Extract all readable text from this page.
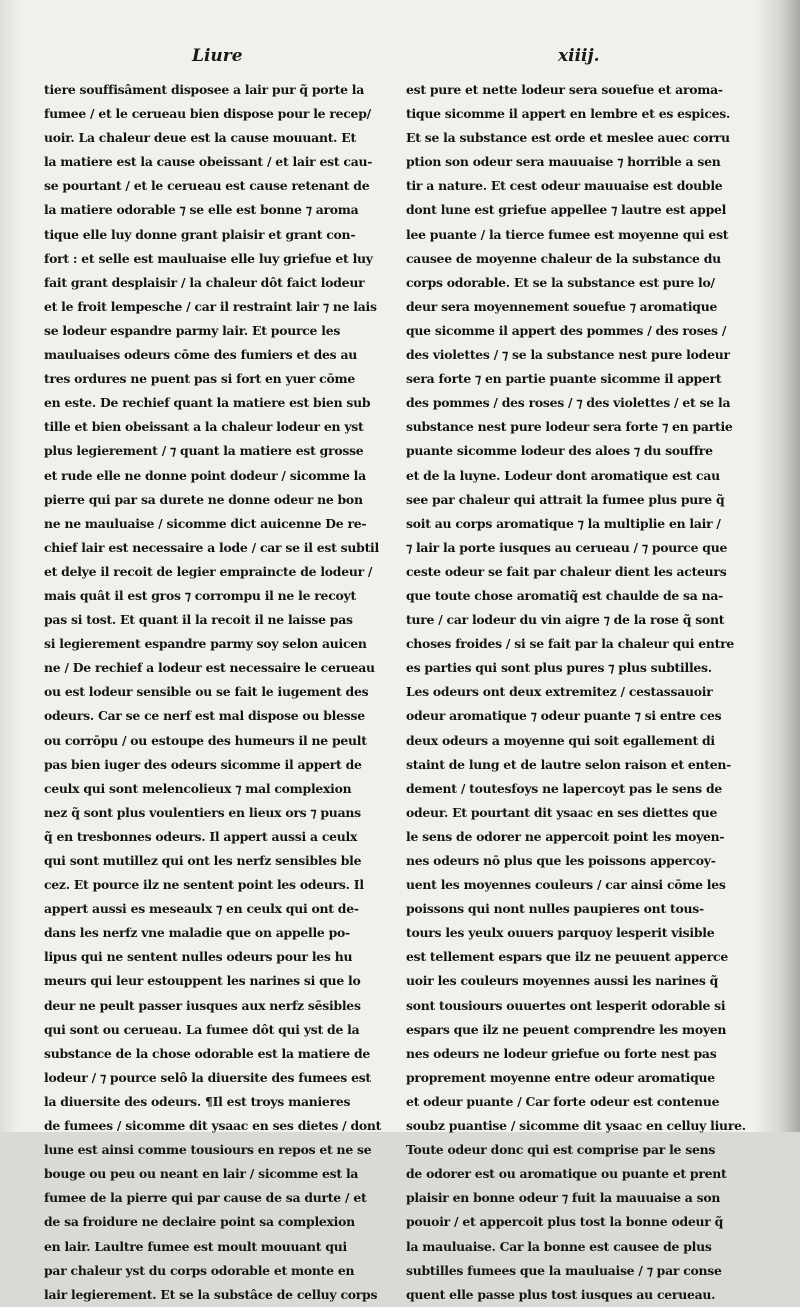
Liure	xiiij.
tiere souffisâment disposee a lair pur q̃ porte la
fumee / et le cerueau bien dispose pour le recep/
uoir. La chaleur deue est la cause mouuant. Et
la matiere est la cause obeissant / et lair est cau-
se pourtant / et le cerueau est cause retenant de
la matiere odorable ⁊ se elle est bonne ⁊ aroma
tique elle luy donne grant plaisir et grant con-
fort : et selle est mauluaise elle luy griefue et luy
fait grant desplaisir / la chaleur dôt faict lodeur
et le froit lempesche / car il restraint lair ⁊ ne lais
se lodeur espandre parmy lair. Et pource les
mauluaises odeurs cōme des fumiers et des au
tres ordures ne puent pas si fort en yuer cōme
en este. De rechief quant la matiere est bien sub
tille et bien obeissant a la chaleur lodeur en yst
plus legierement / ⁊ quant la matiere est grosse
et rude elle ne donne point dodeur / sicomme la
pierre qui par sa durete ne donne odeur ne bon
ne ne mauluaise / sicomme dict auicenne De re-
chief lair est necessaire a lode / car se il est subtil
et delye il recoit de legier empraincte de lodeur /
mais quât il est gros ⁊ corrompu il ne le recoyt
pas si tost. Et quant il la recoit il ne laisse pas
si legierement espandre parmy soy selon auicen
ne / De rechief a lodeur est necessaire le cerueau
ou est lodeur sensible ou se fait le iugement des
odeurs. Car se ce nerf est mal dispose ou blesse
ou corrōpu / ou estoupe des humeurs il ne peult
pas bien iuger des odeurs sicomme il appert de
ceulx qui sont melencolieux ⁊ mal complexion
nez q̃ sont plus voulentiers en lieux ors ⁊ puans
q̃ en tresbonnes odeurs. Il appert aussi a ceulx
qui sont mutillez qui ont les nerfz sensibles ble
cez. Et pource ilz ne sentent point les odeurs. Il
appert aussi es meseaulx ⁊ en ceulx qui ont de-
dans les nerfz vne maladie que on appelle po-
lipus qui ne sentent nulles odeurs pour les hu
meurs qui leur estouppent les narines si que lo
deur ne peult passer iusques aux nerfz sēsibles
qui sont ou cerueau. La fumee dôt qui yst de la
substance de la chose odorable est la matiere de
lodeur / ⁊ pource selô la diuersite des fumees est
la diuersite des odeurs. ¶Il est troys manieres
de fumees / sicomme dit ysaac en ses dietes / dont
lune est ainsi comme tousiours en repos et ne se
bouge ou peu ou neant en lair / sicomme est la
fumee de la pierre qui par cause de sa durte / et
de sa froidure ne declaire point sa complexion
en lair. Laultre fumee est moult mouuant qui
par chaleur yst du corps odorable et monte en
lair legierement. Et se la substâce de celluy corps
est pure et nette lodeur sera souefue et aroma-
tique sicomme il appert en lembre et es espices.
Et se la substance est orde et meslee auec corru
ption son odeur sera mauuaise ⁊ horrible a sen
tir a nature. Et cest odeur mauuaise est double
dont lune est griefue appellee ⁊ lautre est appel
lee puante / la tierce fumee est moyenne qui est
causee de moyenne chaleur de la substance du
corps odorable. Et se la substance est pure lo/
deur sera moyennement souefue ⁊ aromatique
que sicomme il appert des pommes / des roses /
des violettes / ⁊ se la substance nest pure lodeur
sera forte ⁊ en partie puante sicomme il appert
des pommes / des roses / ⁊ des violettes / et se la
substance nest pure lodeur sera forte ⁊ en partie
puante sicomme lodeur des aloes ⁊ du souffre
et de la luyne. Lodeur dont aromatique est cau
see par chaleur qui attrait la fumee plus pure q̃
soit au corps aromatique ⁊ la multiplie en lair /
⁊ lair la porte iusques au cerueau / ⁊ pource que
ceste odeur se fait par chaleur dient les acteurs
que toute chose aromatiq̃ est chaulde de sa na-
ture / car lodeur du vin aigre ⁊ de la rose q̃ sont
choses froides / si se fait par la chaleur qui entre
es parties qui sont plus pures ⁊ plus subtilles.
Les odeurs ont deux extremitez / cestassauoir
odeur aromatique ⁊ odeur puante ⁊ si entre ces
deux odeurs a moyenne qui soit egallement di
staint de lung et de lautre selon raison et enten-
dement / toutesfoys ne lapercoyt pas le sens de
odeur. Et pourtant dit ysaac en ses diettes que
le sens de odorer ne appercoit point les moyen-
nes odeurs nō plus que les poissons appercoy-
uent les moyennes couleurs / car ainsi cōme les
poissons qui nont nulles paupieres ont tous-
tours les yeulx ouuers parquoy lesperit visible
est tellement espars que ilz ne peuuent apperce
uoir les couleurs moyennes aussi les narines q̃
sont tousiours ouuertes ont lesperit odorable si
espars que ilz ne peuent comprendre les moyen
nes odeurs ne lodeur griefue ou forte nest pas
proprement moyenne entre odeur aromatique
et odeur puante / Car forte odeur est contenue
soubz puantise / sicomme dit ysaac en celluy liure.
Toute odeur donc qui est comprise par le sens
de odorer est ou aromatique ou puante et prent
plaisir en bonne odeur ⁊ fuit la mauuaise a son
pouoir / et appercoit plus tost la bonne odeur q̃
la mauluaise. Car la bonne est causee de plus
subtilles fumees que la mauluaise / ⁊ par conse
quent elle passe plus tost iusques au cerueau.
